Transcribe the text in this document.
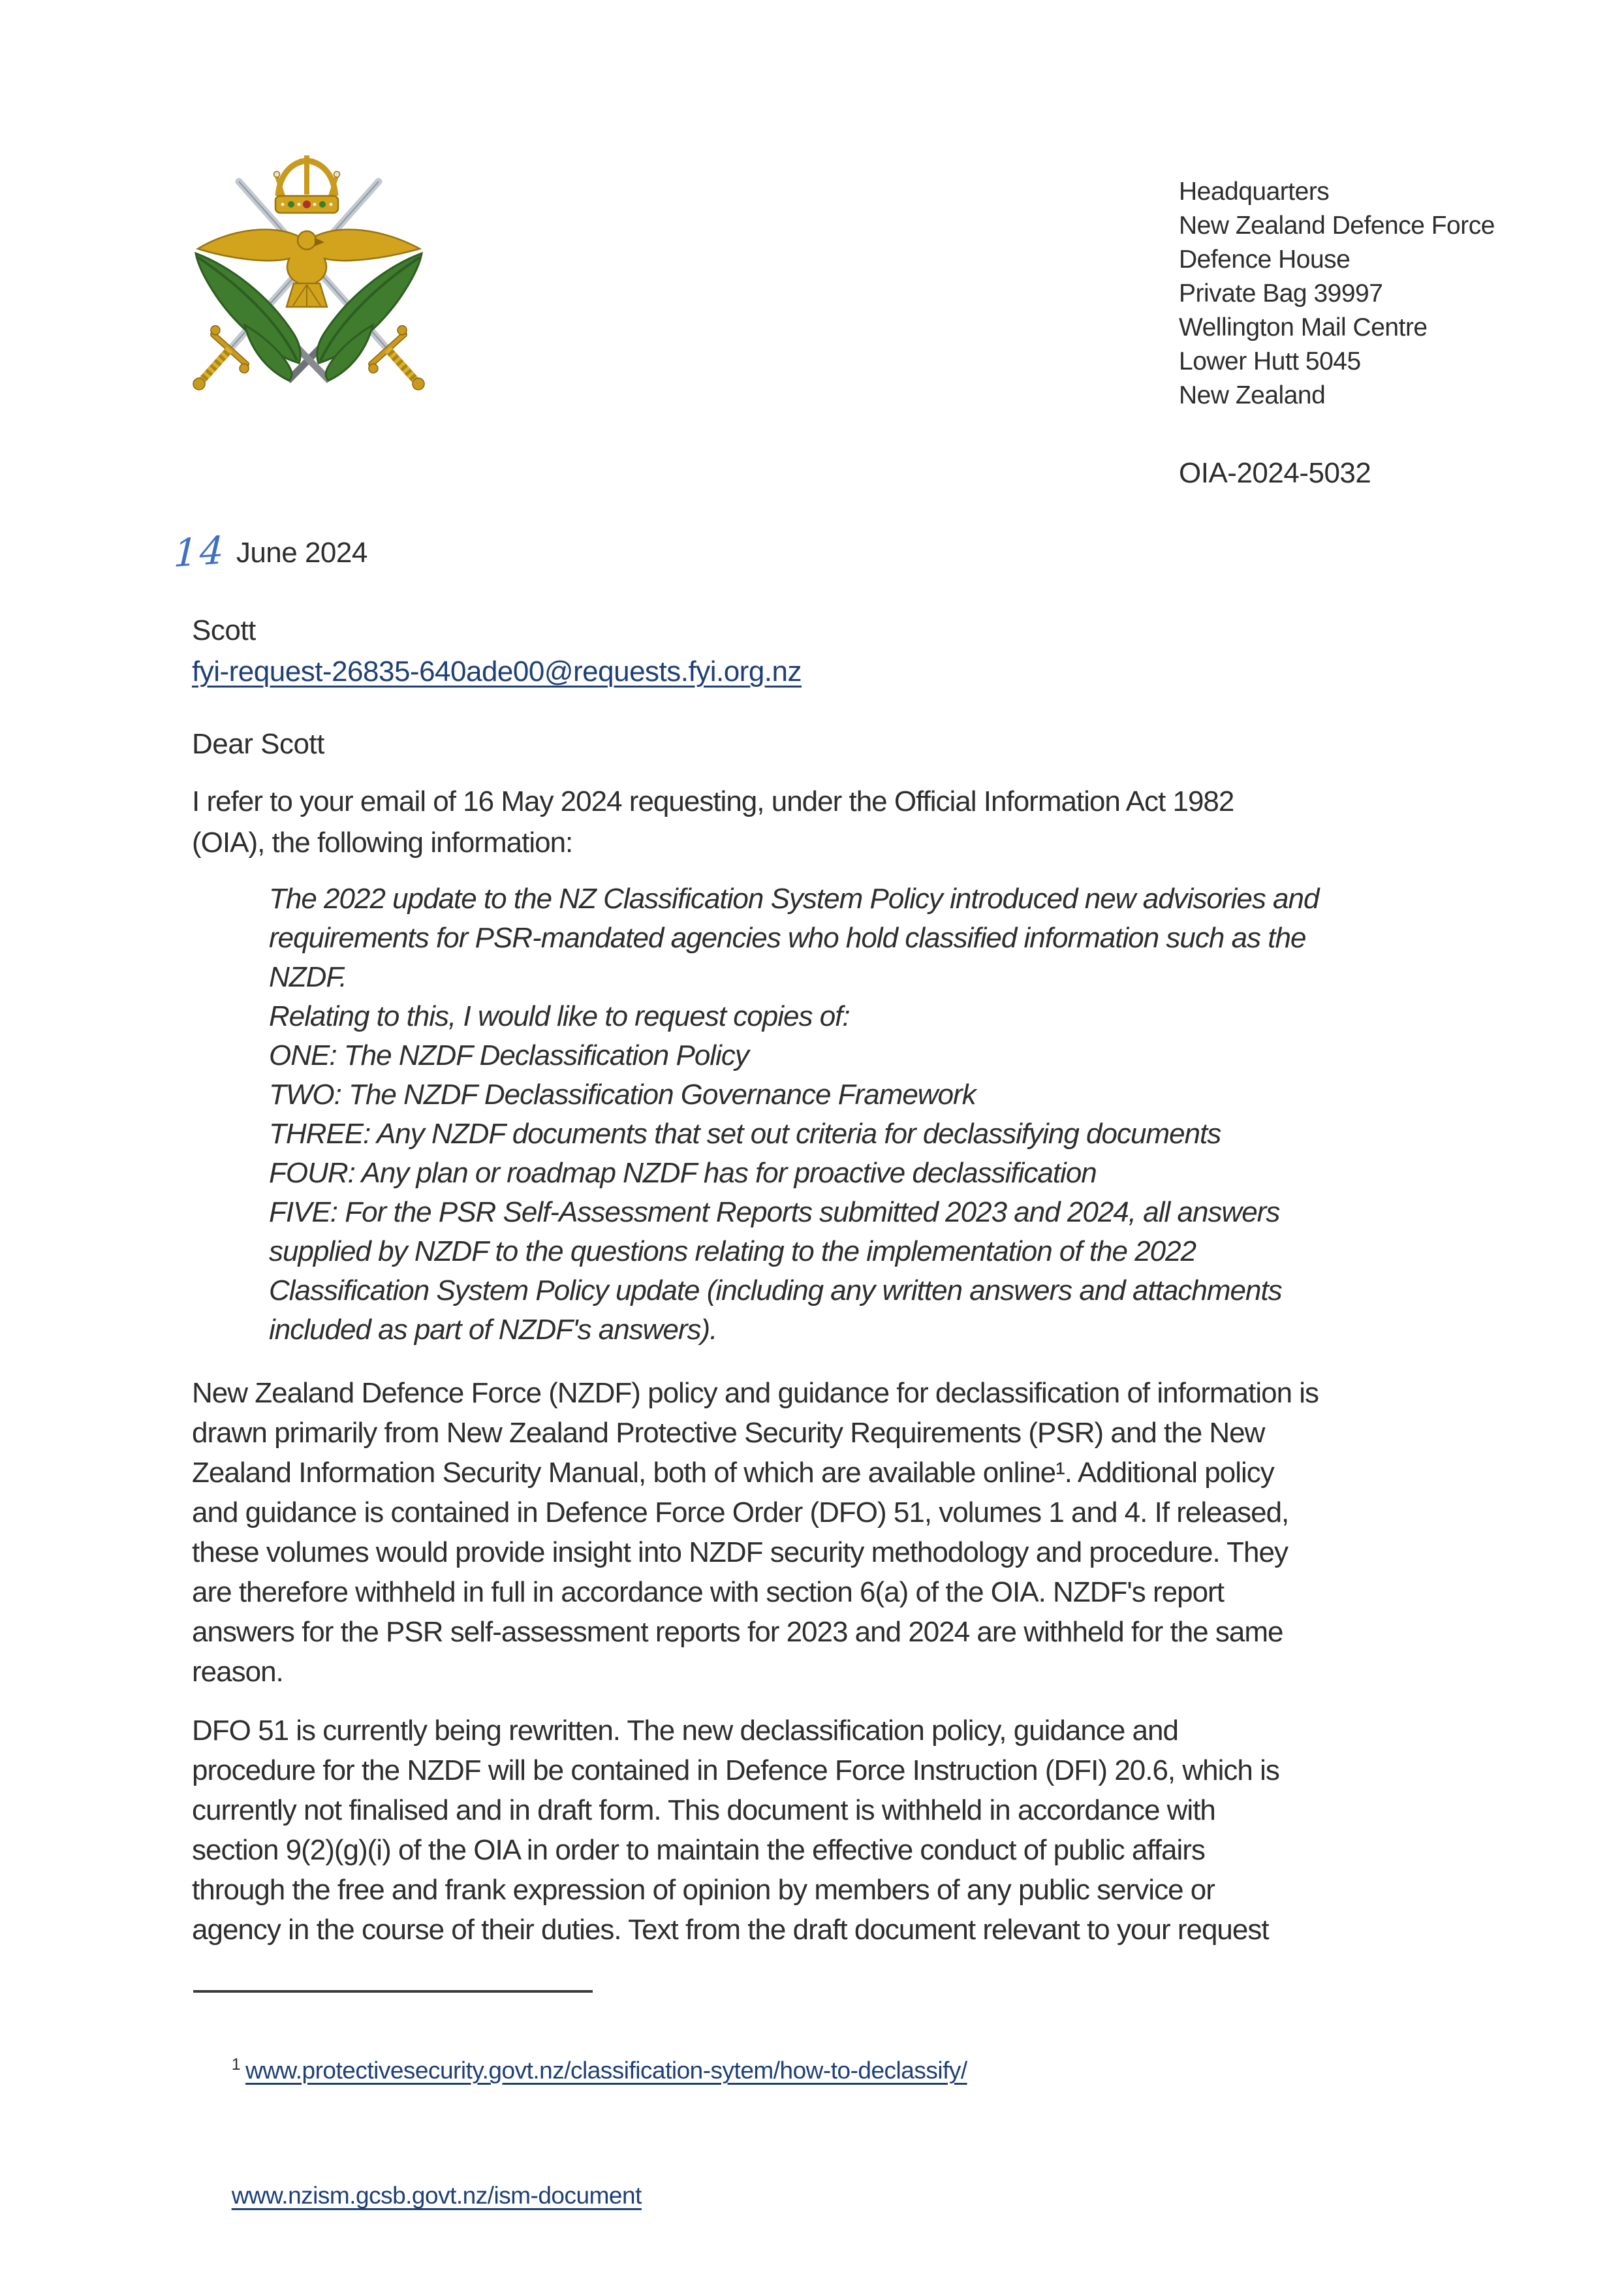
Headquarters
New Zealand Defence Force
Defence House
Private Bag 39997
Wellington Mail Centre
Lower Hutt 5045
New Zealand
OIA-2024-5032
14 June 2024
Scott
fyi-request-26835-640ade00@requests.fyi.org.nz
Dear Scott
I refer to your email of 16 May 2024 requesting, under the Official Information Act 1982
(OIA), the following information:
The 2022 update to the NZ Classification System Policy introduced new advisories and
requirements for PSR-mandated agencies who hold classified information such as the
NZDF.
Relating to this, I would like to request copies of:
ONE: The NZDF Declassification Policy
TWO: The NZDF Declassification Governance Framework
THREE: Any NZDF documents that set out criteria for declassifying documents
FOUR: Any plan or roadmap NZDF has for proactive declassification
FIVE: For the PSR Self-Assessment Reports submitted 2023 and 2024, all answers
supplied by NZDF to the questions relating to the implementation of the 2022
Classification System Policy update (including any written answers and attachments
included as part of NZDF's answers).
New Zealand Defence Force (NZDF) policy and guidance for declassification of information is
drawn primarily from New Zealand Protective Security Requirements (PSR) and the New
Zealand Information Security Manual, both of which are available online¹. Additional policy
and guidance is contained in Defence Force Order (DFO) 51, volumes 1 and 4. If released,
these volumes would provide insight into NZDF security methodology and procedure. They
are therefore withheld in full in accordance with section 6(a) of the OIA. NZDF's report
answers for the PSR self-assessment reports for 2023 and 2024 are withheld for the same
reason.
DFO 51 is currently being rewritten. The new declassification policy, guidance and
procedure for the NZDF will be contained in Defence Force Instruction (DFI) 20.6, which is
currently not finalised and in draft form. This document is withheld in accordance with
section 9(2)(g)(i) of the OIA in order to maintain the effective conduct of public affairs
through the free and frank expression of opinion by members of any public service or
agency in the course of their duties. Text from the draft document relevant to your request

$^1$ www.protectivesecurity.govt.nz/classification-sytem/how-to-declassify/

www.nzism.gcsb.govt.nz/ism-document
